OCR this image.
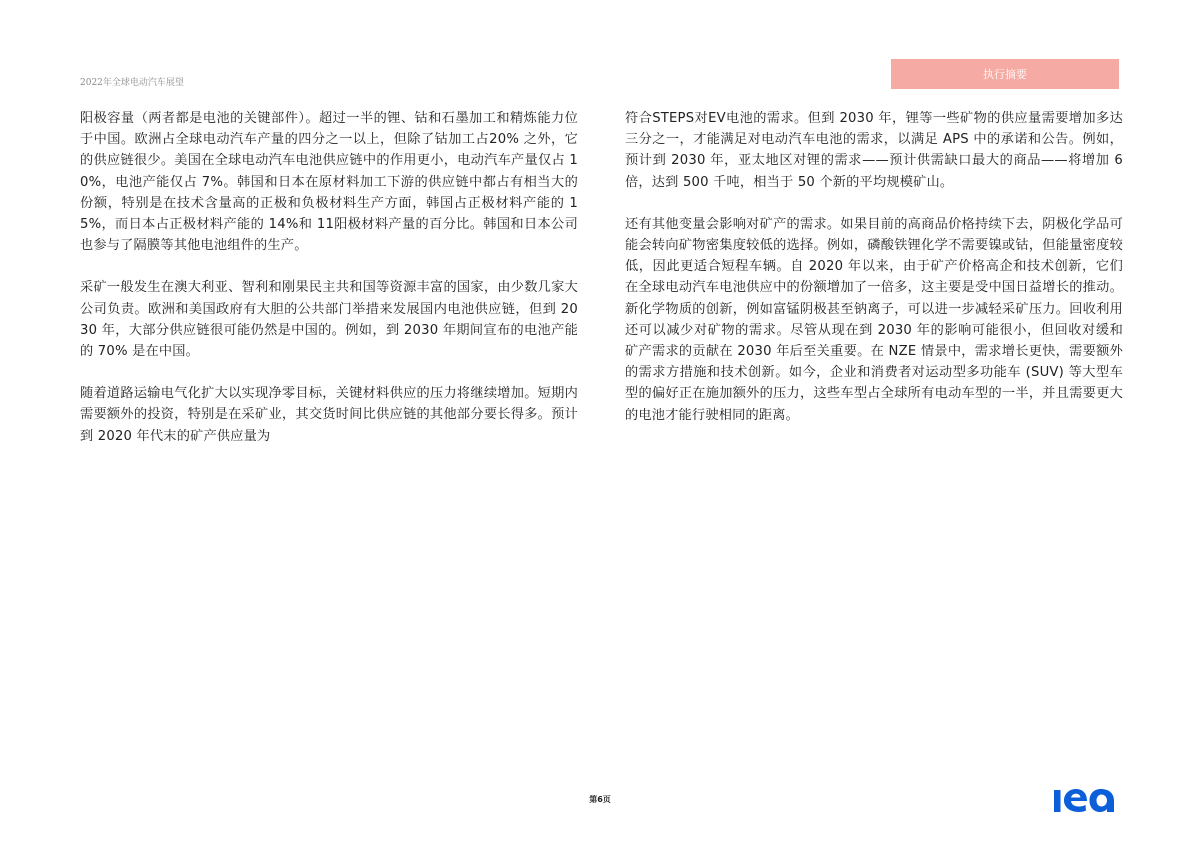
2022年全球电动汽车展望
执行摘要

阳极容量（两者都是电池的关键部件）。超过一半的锂、钴和石墨加工和精炼能力位于中国。欧洲占全球电动汽车产量的四分之一以上，但除了钴加工占20% 之外，它的供应链很少。美国在全球电动汽车电池供应链中的作用更小，电动汽车产量仅占 10%，电池产能仅占 7%。韩国和日本在原材料加工下游的供应链中都占有相当大的份额，特别是在技术含量高的正极和负极材料生产方面，韩国占正极材料产能的 15%，而日本占正极材料产能的 14%和 11阳极材料产量的百分比。韩国和日本公司也参与了隔膜等其他电池组件的生产。

采矿一般发生在澳大利亚、智利和刚果民主共和国等资源丰富的国家，由少数几家大公司负责。欧洲和美国政府有大胆的公共部门举措来发展国内电池供应链，但到 2030 年，大部分供应链很可能仍然是中国的。例如，到 2030 年期间宣布的电池产能的 70% 是在中国。

随着道路运输电气化扩大以实现净零目标，关键材料供应的压力将继续增加。短期内需要额外的投资，特别是在采矿业，其交货时间比供应链的其他部分要长得多。预计到 2020 年代末的矿产供应量为

符合STEPS对EV电池的需求。但到 2030 年，锂等一些矿物的供应量需要增加多达三分之一，才能满足对电动汽车电池的需求，以满足 APS 中的承诺和公告。例如，预计到 2030 年，亚太地区对锂的需求——预计供需缺口最大的商品——将增加 6 倍，达到 500 千吨，相当于 50 个新的平均规模矿山。

还有其他变量会影响对矿产的需求。如果目前的高商品价格持续下去，阴极化学品可能会转向矿物密集度较低的选择。例如，磷酸铁锂化学不需要镍或钴，但能量密度较低，因此更适合短程车辆。自 2020 年以来，由于矿产价格高企和技术创新，它们在全球电动汽车电池供应中的份额增加了一倍多，这主要是受中国日益增长的推动。新化学物质的创新，例如富锰阴极甚至钠离子，可以进一步减轻采矿压力。回收利用还可以减少对矿物的需求。尽管从现在到 2030 年的影响可能很小，但回收对缓和矿产需求的贡献在 2030 年后至关重要。在 NZE 情景中，需求增长更快，需要额外的需求方措施和技术创新。如今，企业和消费者对运动型多功能车 (SUV) 等大型车型的偏好正在施加额外的压力，这些车型占全球所有电动车型的一半，并且需要更大的电池才能行驶相同的距离。

第6页
